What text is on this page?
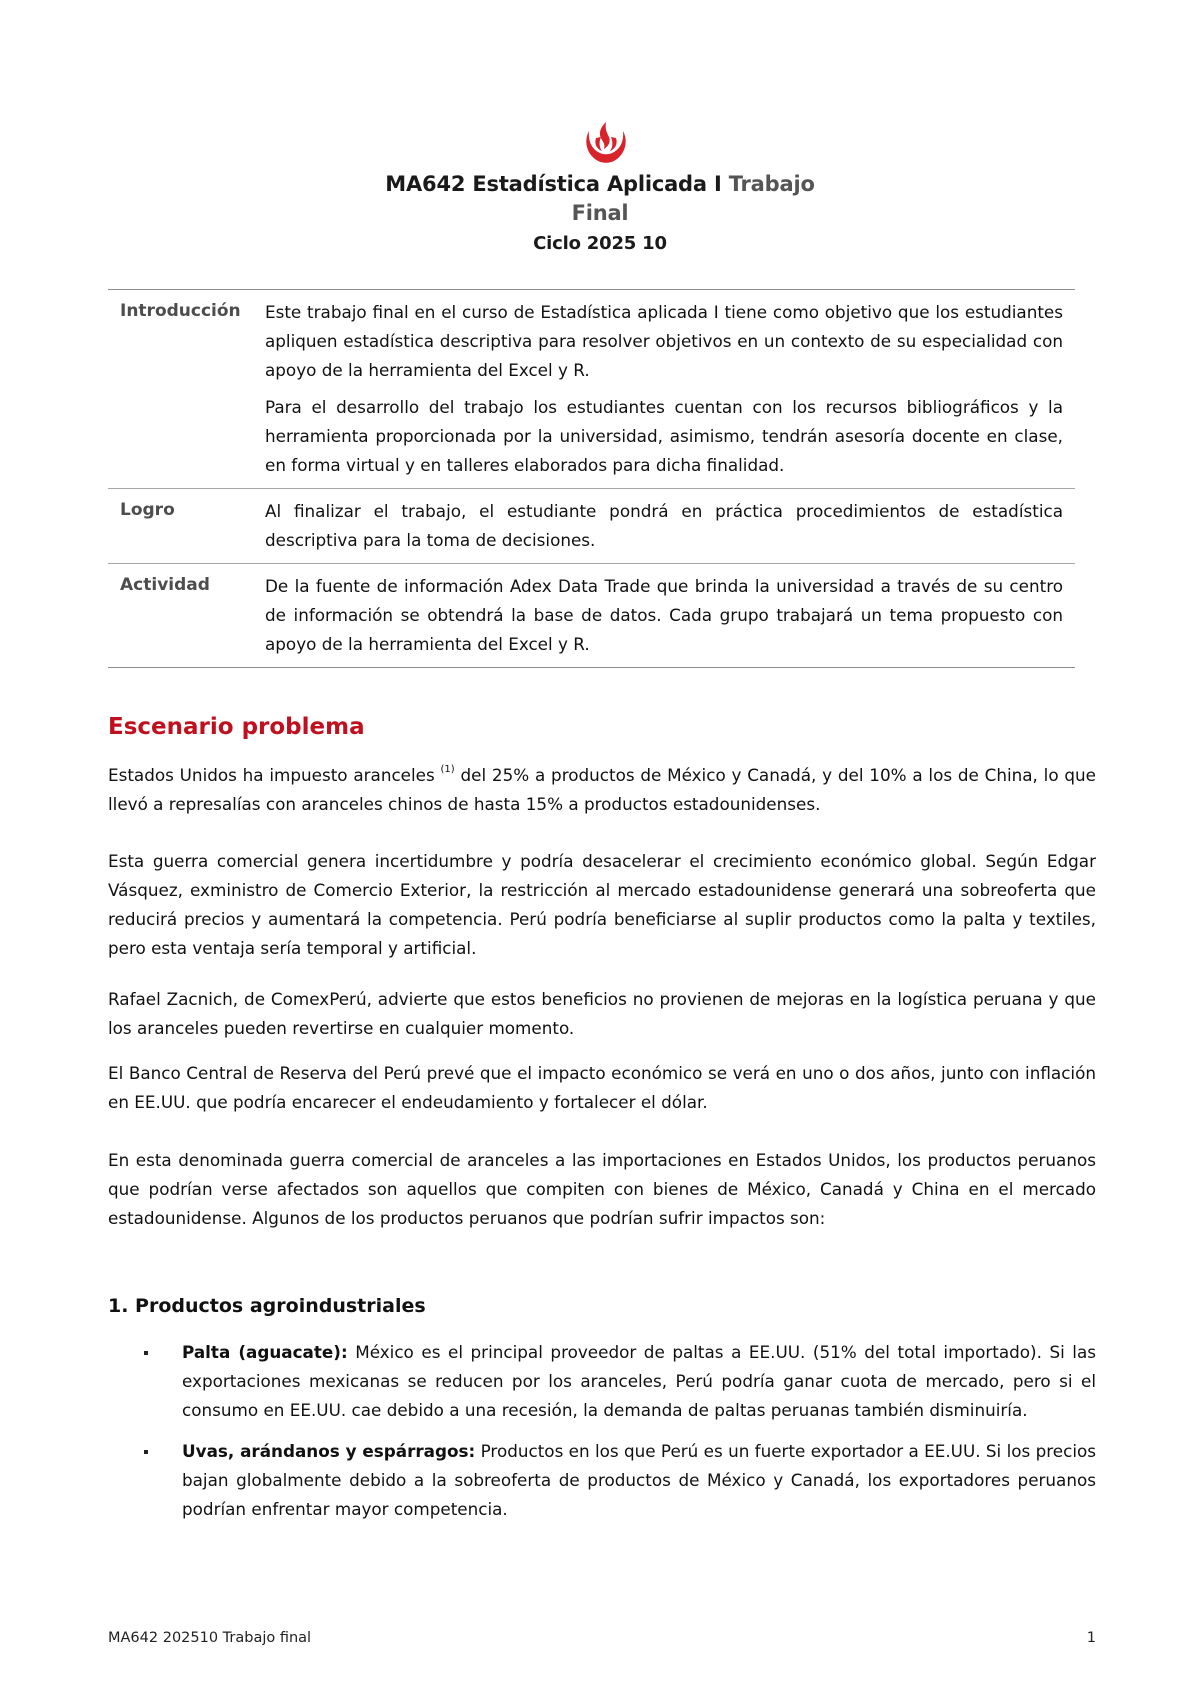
MA642 Estadística Aplicada I Trabajo
Final
Ciclo 2025 10
Introducción	Este trabajo final en el curso de Estadística aplicada I tiene como objetivo que los estudiantes apliquen estadística descriptiva para resolver objetivos en un contexto de su especialidad con apoyo de la herramienta del Excel y R.

Para el desarrollo del trabajo los estudiantes cuentan con los recursos bibliográficos y la herramienta proporcionada por la universidad, asimismo, tendrán asesoría docente en clase, en forma virtual y en talleres elaborados para dicha finalidad.

Logro	Al finalizar el trabajo, el estudiante pondrá en práctica procedimientos de estadística descriptiva para la toma de decisiones.

Actividad	De la fuente de información Adex Data Trade que brinda la universidad a través de su centro de información se obtendrá la base de datos. Cada grupo trabajará un tema propuesto con apoyo de la herramienta del Excel y R.

Escenario problema

Estados Unidos ha impuesto aranceles $^{(1)}$ del 25% a productos de México y Canadá, y del 10% a los de China, lo que llevó a represalías con aranceles chinos de hasta 15% a productos estadounidenses.

Esta guerra comercial genera incertidumbre y podría desacelerar el crecimiento económico global. Según Edgar Vásquez, exministro de Comercio Exterior, la restricción al mercado estadounidense generará una sobreoferta que reducirá precios y aumentará la competencia. Perú podría beneficiarse al suplir productos como la palta y textiles, pero esta ventaja sería temporal y artificial.

Rafael Zacnich, de ComexPerú, advierte que estos beneficios no provienen de mejoras en la logística peruana y que los aranceles pueden revertirse en cualquier momento.

El Banco Central de Reserva del Perú prevé que el impacto económico se verá en uno o dos años, junto con inflación en EE.UU. que podría encarecer el endeudamiento y fortalecer el dólar.

En esta denominada guerra comercial de aranceles a las importaciones en Estados Unidos, los productos peruanos que podrían verse afectados son aquellos que compiten con bienes de México, Canadá y China en el mercado estadounidense. Algunos de los productos peruanos que podrían sufrir impactos son:

1. Productos agroindustriales
Palta (aguacate): México es el principal proveedor de paltas a EE.UU. (51% del total importado). Si las exportaciones mexicanas se reducen por los aranceles, Perú podría ganar cuota de mercado, pero si el consumo en EE.UU. cae debido a una recesión, la demanda de paltas peruanas también disminuiría.
Uvas, arándanos y espárragos: Productos en los que Perú es un fuerte exportador a EE.UU. Si los precios bajan globalmente debido a la sobreoferta de productos de México y Canadá, los exportadores peruanos podrían enfrentar mayor competencia.
MA642 202510 Trabajo final	1
